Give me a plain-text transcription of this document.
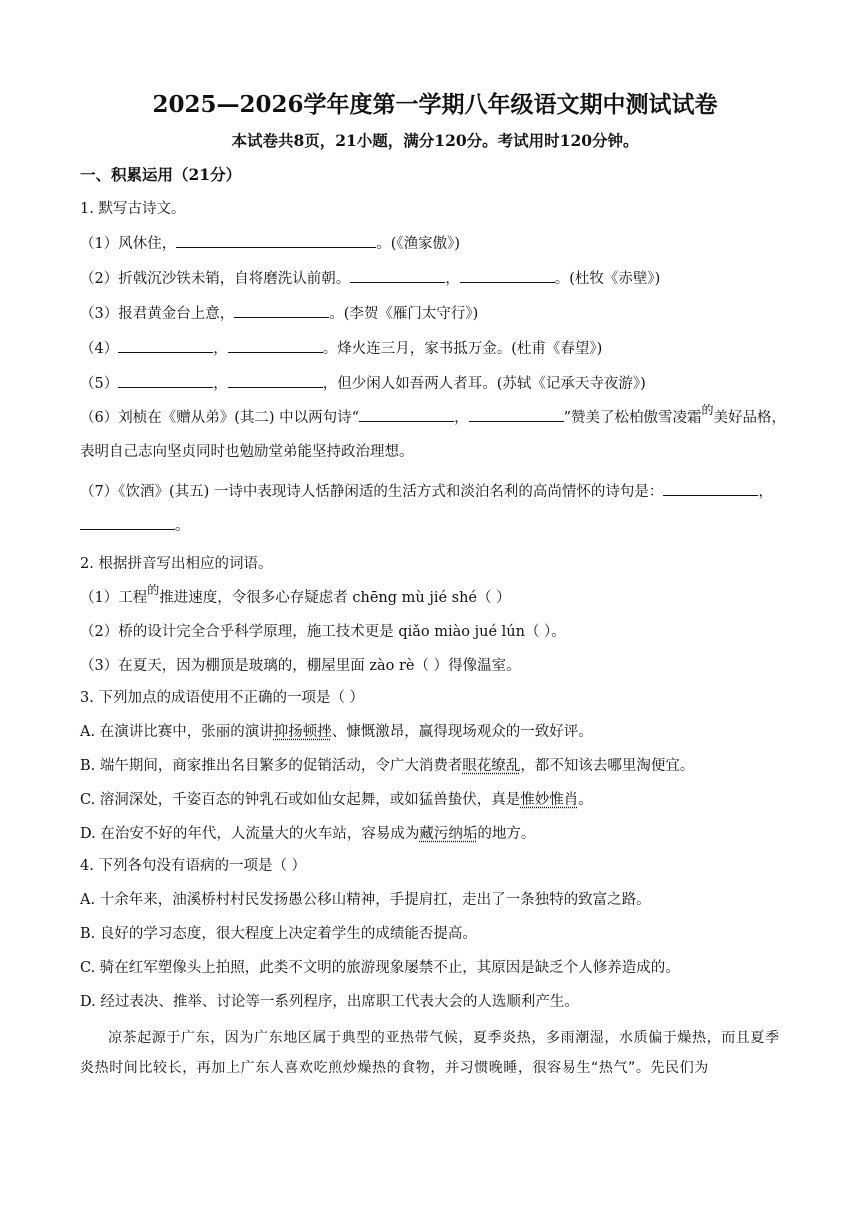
2025—2026学年度第一学期八年级语文期中测试试卷

本试卷共8页，21小题，满分120分。考试用时120分钟。

一、积累运用（21分）

1. 默写古诗文。

（1）风休住，	。(《渔家傲》)

（2）折戟沉沙铁未销，自将磨洗认前朝。	，	。(杜牧《赤壁》)

（3）报君黄金台上意，	。(李贺《雁门太守行》)

（4）	，	。烽火连三月，家书抵万金。(杜甫《春望》)

（5）	，	，但少闲人如吾两人者耳。(苏轼《记承天寺夜游》)

（6）刘桢在《赠从弟》(其二) 中以两句诗“	，	”赞美了松柏傲雪凌霜$^的$美好品格，表明自己志向坚贞同时也勉励堂弟能坚持政治理想。

（7）《饮酒》(其五) 一诗中表现诗人恬静闲适的生活方式和淡泊名利的高尚情怀的诗句是：	，。

2. 根据拼音写出相应的词语。

（1）工程$^的$推进速度，令很多心存疑虑者 chēng mù jié shé（ ）

（2）桥的设计完全合乎科学原理，施工技术更是 qiǎo miào jué lún（ ）。

（3）在夏天，因为棚顶是玻璃的，棚屋里面 zào rè（ ）得像温室。

3. 下列加点的成语使用不正确的一项是（ ）

A. 在演讲比赛中，张丽的演讲抑扬顿挫、慷慨激昂，赢得现场观众的一致好评。

B. 端午期间，商家推出名目繁多的促销活动，令广大消费者眼花缭乱，都不知该去哪里淘便宜。

C. 溶洞深处，千姿百态的钟乳石或如仙女起舞，或如猛兽蛰伏，真是惟妙惟肖。

D. 在治安不好的年代，人流量大的火车站，容易成为藏污纳垢的地方。

4. 下列各句没有语病的一项是（ ）

A. 十余年来，油溪桥村村民发扬愚公移山精神，手提肩扛，走出了一条独特的致富之路。

B. 良好的学习态度，很大程度上决定着学生的成绩能否提高。

C. 骑在红军塑像头上拍照，此类不文明的旅游现象屡禁不止，其原因是缺乏个人修养造成的。

D. 经过表决、推举、讨论等一系列程序，出席职工代表大会的人选顺利产生。

凉茶起源于广东，因为广东地区属于典型的亚热带气候，夏季炎热，多雨潮湿，水质偏于燥热，而且夏季炎热时间比较长，再加上广东人喜欢吃煎炒燥热的食物，并习惯晚睡，很容易生“热气”。先民们为
